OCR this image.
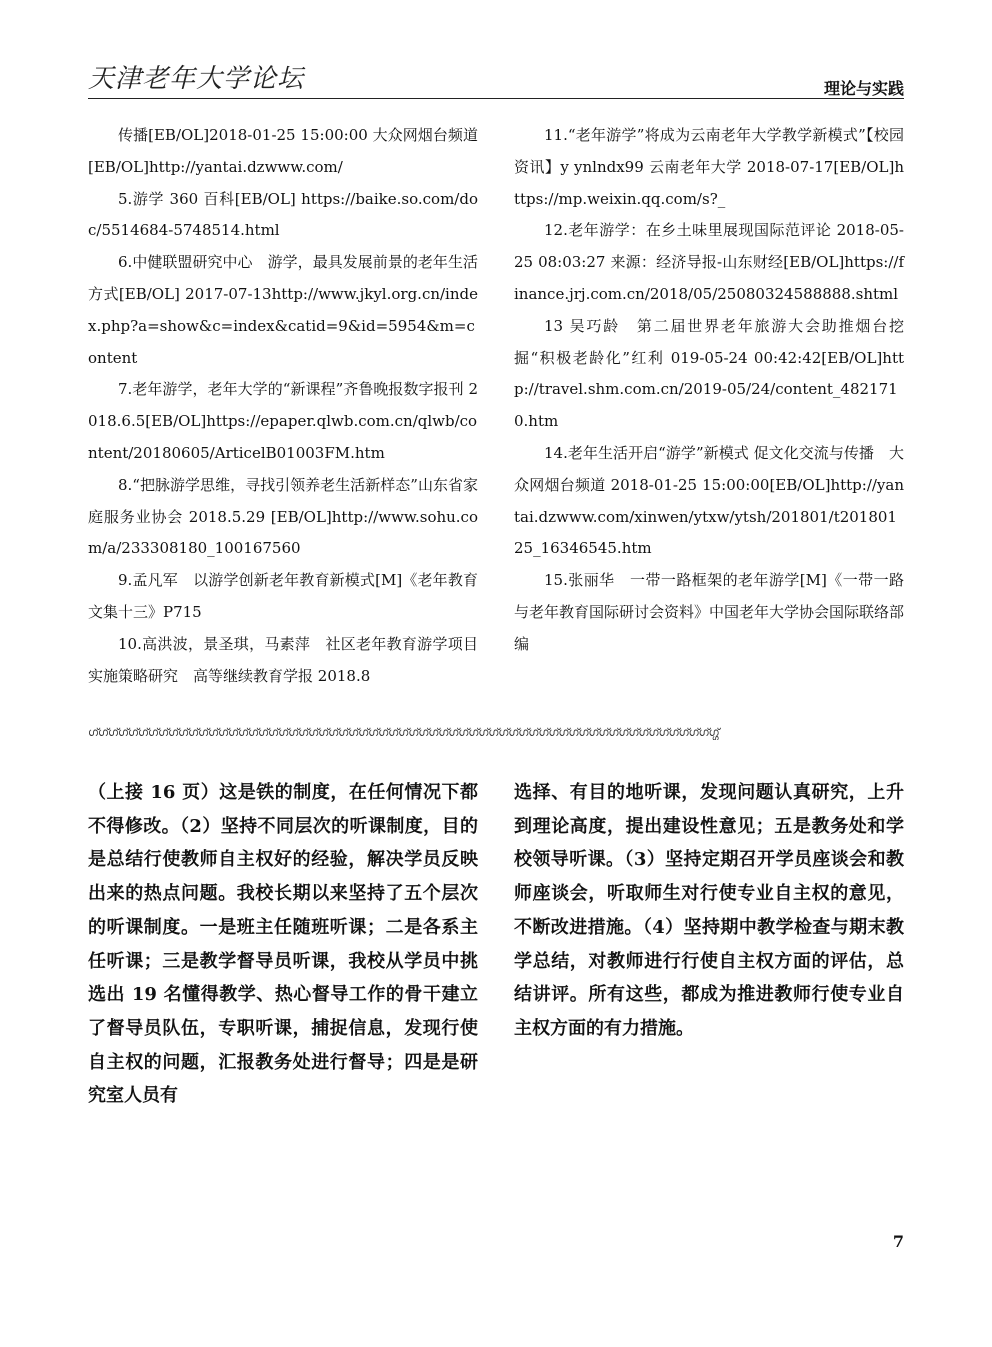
天津老年大学论坛	理论与实践

传播[EB/OL]2018-01-25 15:00:00 大众网烟台频道[EB/OL]http://yantai.dzwww.com/

5.游学 360 百科[EB/OL] https://baike.so.com/doc/5514684-5748514.html

6.中健联盟研究中心　游学，最具发展前景的老年生活方式[EB/OL] 2017-07-13http://www.jkyl.org.cn/index.php?a=show&c=index&catid=9&id=5954&m=content

7.老年游学，老年大学的“新课程”齐鲁晚报数字报刊 2018.6.5[EB/OL]https://epaper.qlwb.com.cn/qlwb/content/20180605/ArticelB01003FM.htm

8.“把脉游学思维，寻找引领养老生活新样态”山东省家庭服务业协会 2018.5.29 [EB/OL]http://www.sohu.com/a/233308180_100167560

9.孟凡军　以游学创新老年教育新模式[M]《老年教育文集十三》P715

10.高洪波，景圣琪，马素萍　社区老年教育游学项目实施策略研究　高等继续教育学报 2018.8

11.“老年游学”将成为云南老年大学教学新模式”【校园资讯】y ynlndx99 云南老年大学 2018-07-17[EB/OL]https://mp.weixin.qq.com/s?_

12.老年游学：在乡土味里展现国际范评论 2018-05-25 08:03:27 来源：经济导报-山东财经[EB/OL]https://finance.jrj.com.cn/2018/05/25080324588888.shtml

13 吴巧龄　第二届世界老年旅游大会助推烟台挖掘“积极老龄化”红利 019-05-24 00:42:42[EB/OL]http://travel.shm.com.cn/2019-05/24/content_4821710.htm

14.老年生活开启“游学”新模式 促文化交流与传播　大众网烟台频道 2018-01-25 15:00:00[EB/OL]http://yantai.dzwww.com/xinwen/ytxw/ytsh/201801/t20180125_16346545.htm

15.张丽华　一带一路框架的老年游学[M]《一带一路与老年教育国际研讨会资料》中国老年大学协会国际联络部编

ഗ്ഗ്ഗ്ഗ്ഗ്ഗ്ഗ്ഗ്ഗ്ഗ്ഗ്ഗ്ഗ്ഗ്ഗ്ഗ്ഗ്ഗ്ഗ്ഗ്ഗ്ഗ്ഗ്ഗ്ഗ്ഗ്ഗ്ഗ്ഗ്ഗ്ഗ്ഗ്ഗ്ഗ്ഗ്ഗ്ഗ്ഗ്ഗ്ഗ്ഗ്ഗ്ഗ്ഗ്ഗ്ഗ്ഗ്ഗ്ഗ്ഗ്ഗ്ഗ്ഗ്ഗ്ഗ്ഗ്ഗ്ഗ്ഗ്ഗ്ഗ്ഗ്ഗ്ഗ്

（上接 16 页）这是铁的制度，在任何情况下都不得修改。（2）坚持不同层次的听课制度，目的是总结行使教师自主权好的经验，解决学员反映出来的热点问题。我校长期以来坚持了五个层次的听课制度。一是班主任随班听课；二是各系主任听课；三是教学督导员听课，我校从学员中挑选出 19 名懂得教学、热心督导工作的骨干建立了督导员队伍，专职听课，捕捉信息，发现行使自主权的问题，汇报教务处进行督导；四是是研究室人员有

选择、有目的地听课，发现问题认真研究，上升到理论高度，提出建设性意见；五是教务处和学校领导听课。（3）坚持定期召开学员座谈会和教师座谈会，听取师生对行使专业自主权的意见，不断改进措施。（4）坚持期中教学检查与期末教学总结，对教师进行行使自主权方面的评估，总结讲评。所有这些，都成为推进教师行使专业自主权方面的有力措施。

7
